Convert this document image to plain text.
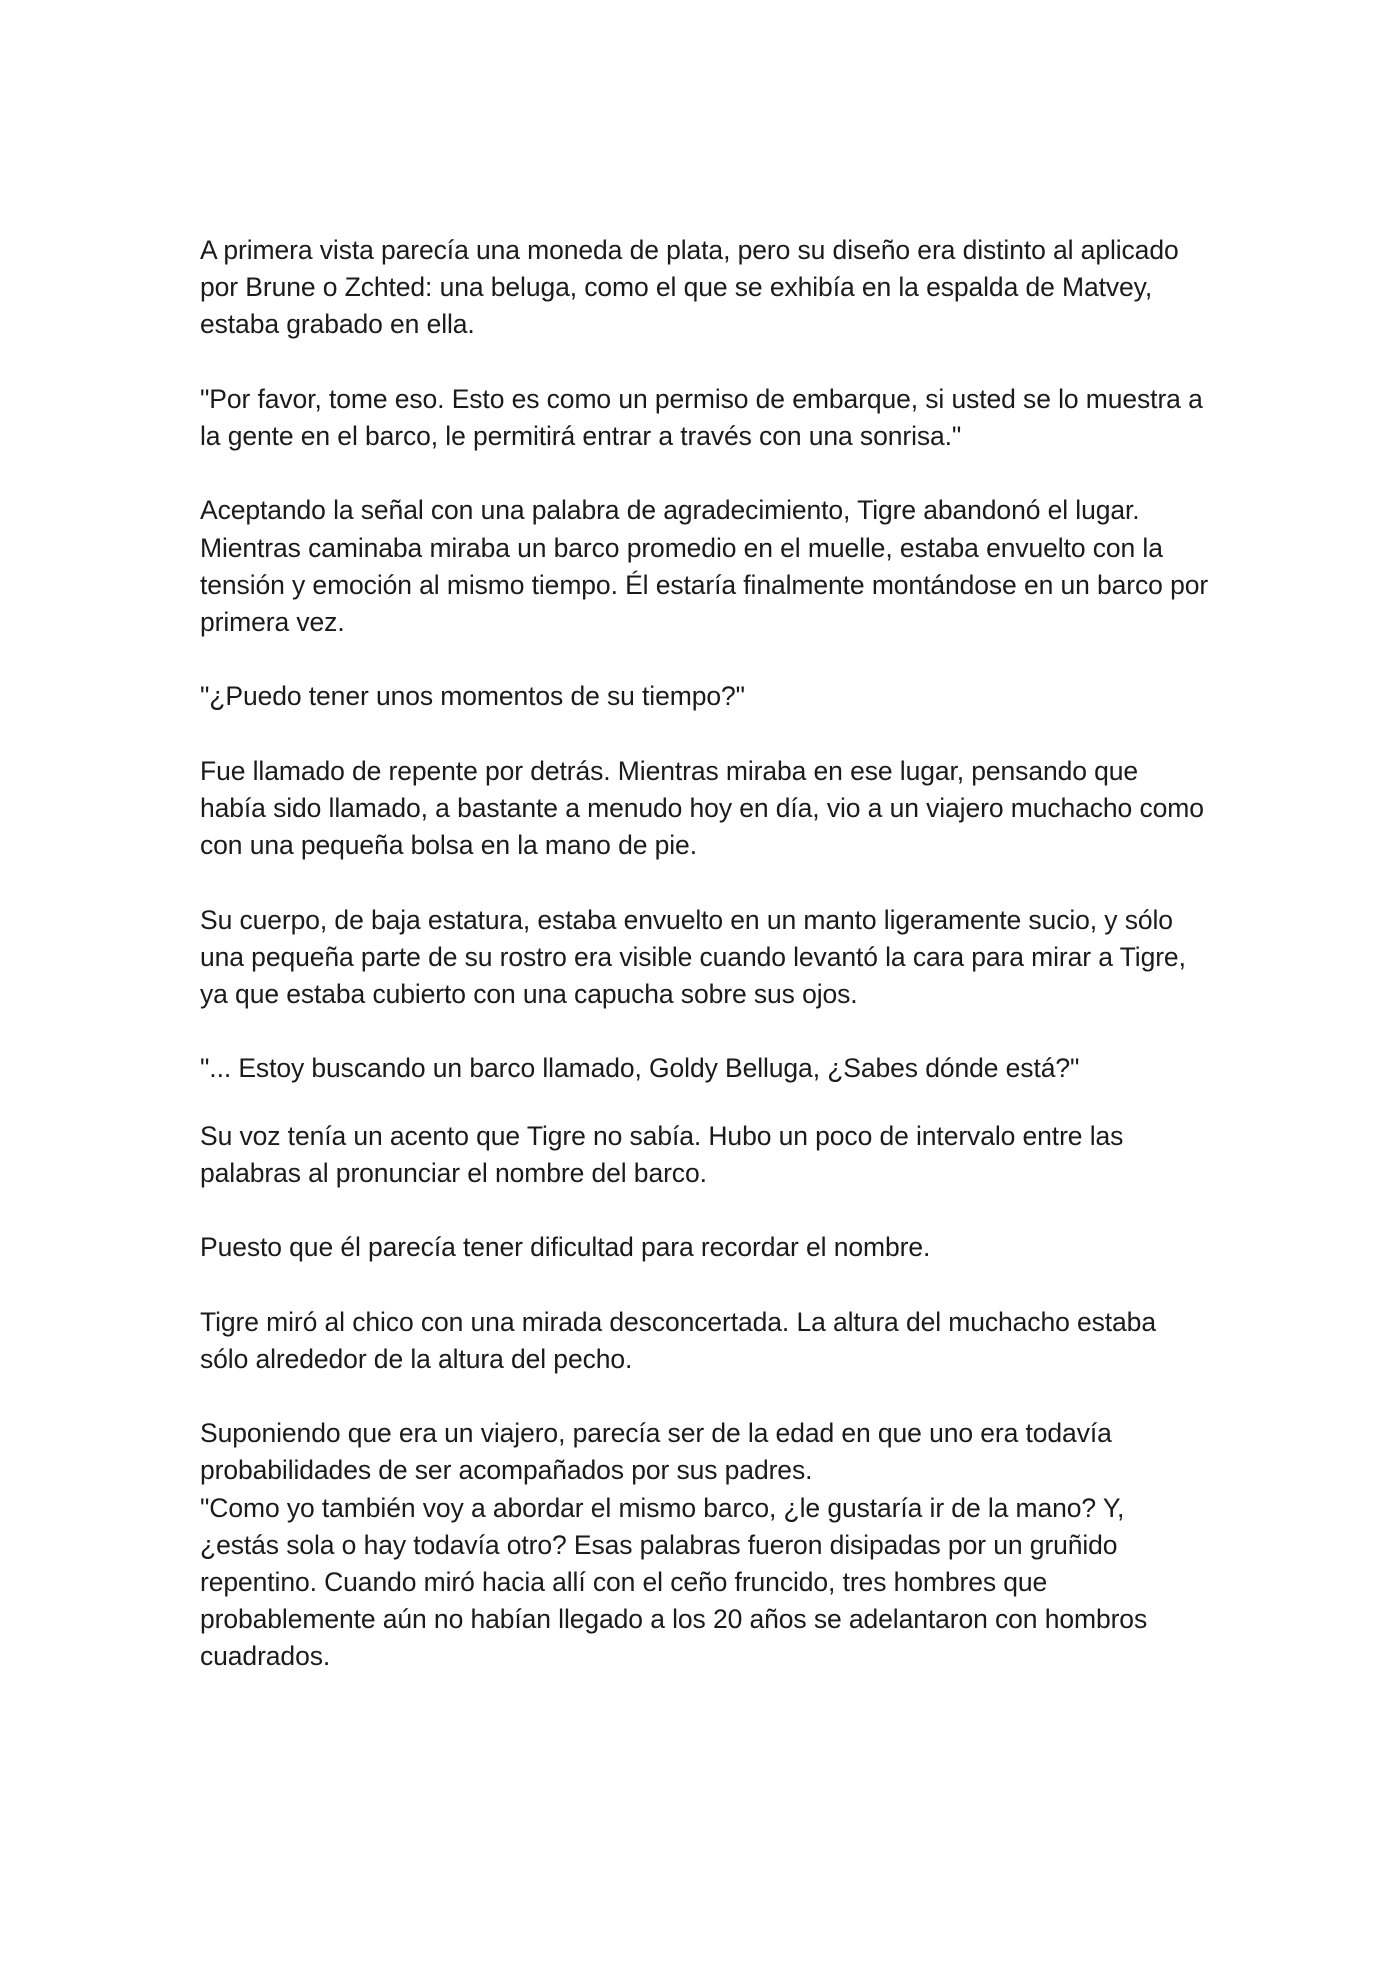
A primera vista parecía una moneda de plata, pero su diseño era distinto al aplicado por Brune o Zchted: una beluga, como el que se exhibía en la espalda de Matvey, estaba grabado en ella.

"Por favor, tome eso. Esto es como un permiso de embarque, si usted se lo muestra a la gente en el barco, le permitirá entrar a través con una sonrisa."

Aceptando la señal con una palabra de agradecimiento, Tigre abandonó el lugar. Mientras caminaba miraba un barco promedio en el muelle, estaba envuelto con la tensión y emoción al mismo tiempo. Él estaría finalmente montándose en un barco por primera vez.

"¿Puedo tener unos momentos de su tiempo?"

Fue llamado de repente por detrás. Mientras miraba en ese lugar, pensando que había sido llamado, a bastante a menudo hoy en día, vio a un viajero muchacho como con una pequeña bolsa en la mano de pie.

Su cuerpo, de baja estatura, estaba envuelto en un manto ligeramente sucio, y sólo una pequeña parte de su rostro era visible cuando levantó la cara para mirar a Tigre, ya que estaba cubierto con una capucha sobre sus ojos.

"... Estoy buscando un barco llamado, Goldy Belluga, ¿Sabes dónde está?"

Su voz tenía un acento que Tigre no sabía. Hubo un poco de intervalo entre las palabras al pronunciar el nombre del barco.

Puesto que él parecía tener dificultad para recordar el nombre.

Tigre miró al chico con una mirada desconcertada. La altura del muchacho estaba sólo alrededor de la altura del pecho.

Suponiendo que era un viajero, parecía ser de la edad en que uno era todavía probabilidades de ser acompañados por sus padres.

"Como yo también voy a abordar el mismo barco, ¿le gustaría ir de la mano? Y, ¿estás sola o hay todavía otro? Esas palabras fueron disipadas por un gruñido repentino. Cuando miró hacia allí con el ceño fruncido, tres hombres que probablemente aún no habían llegado a los 20 años se adelantaron con hombros cuadrados.
